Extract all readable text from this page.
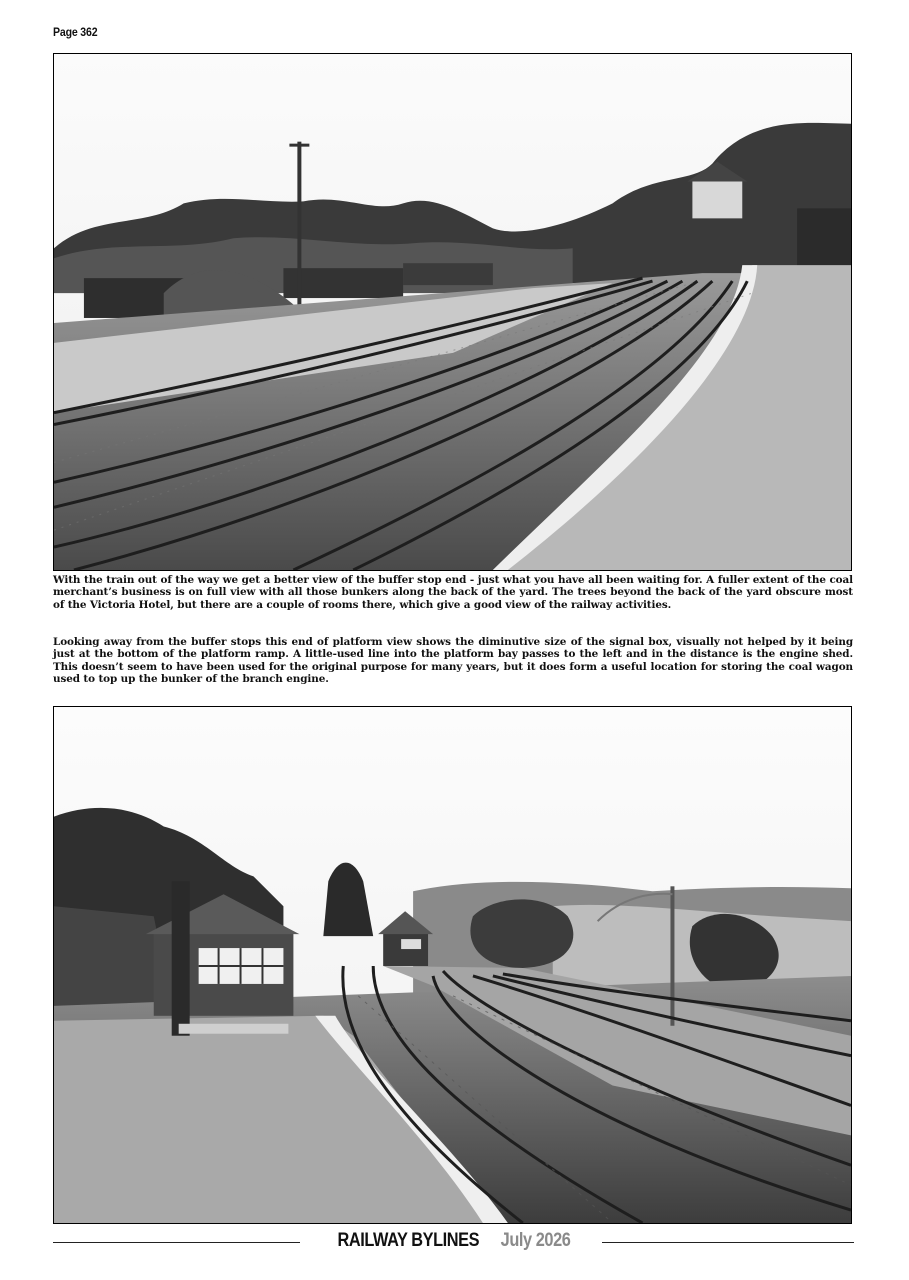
Page 362

With the train out of the way we get a better view of the buffer stop end - just what you have all been waiting for. A fuller extent of the coal merchant’s business is on full view with all those bunkers along the back of the yard. The trees beyond the back of the yard obscure most of the Victoria Hotel, but there are a couple of rooms there, which give a good view of the railway activities.

Looking away from the buffer stops this end of platform view shows the diminutive size of the signal box, visually not helped by it being just at the bottom of the platform ramp. A little-used line into the platform bay passes to the left and in the distance is the engine shed. This doesn’t seem to have been used for the original purpose for many years, but it does form a useful location for storing the coal wagon used to top up the bunker of the branch engine.

RAILWAY BYLINES July 2026
